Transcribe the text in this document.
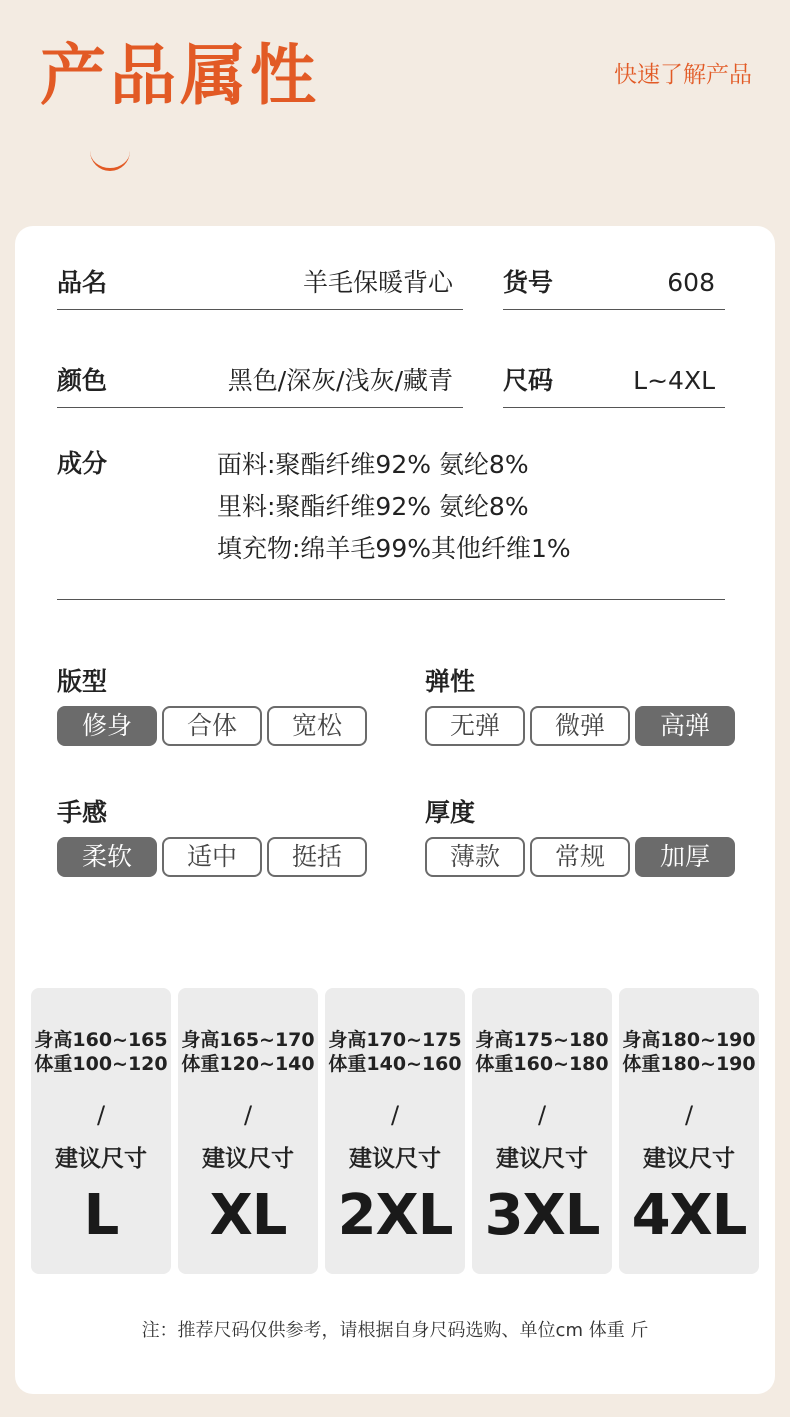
产品属性	快速了解产品
品名	羊毛保暖背心 货号	608
颜色	黑色/深灰/浅灰/藏青 尺码	L~4XL
成分	面料:聚酯纤维92% 氨纶8%
里料:聚酯纤维92% 氨纶8%
填充物:绵羊毛99%其他纤维1%
版型
修身	合体	宽松
弹性
无弹	微弹	高弹
手感
柔软	适中	挺括
厚度
薄款	常规	加厚
身高160~165
体重100~120
/
建议尺寸
L
身高165~170
体重120~140
/
建议尺寸
XL
身高170~175
体重140~160
/
建议尺寸
2XL
身高175~180
体重160~180
/
建议尺寸
3XL
身高180~190
体重180~190
/
建议尺寸
4XL
注：推荐尺码仅供参考，请根据自身尺码选购、单位cm 体重 斤
